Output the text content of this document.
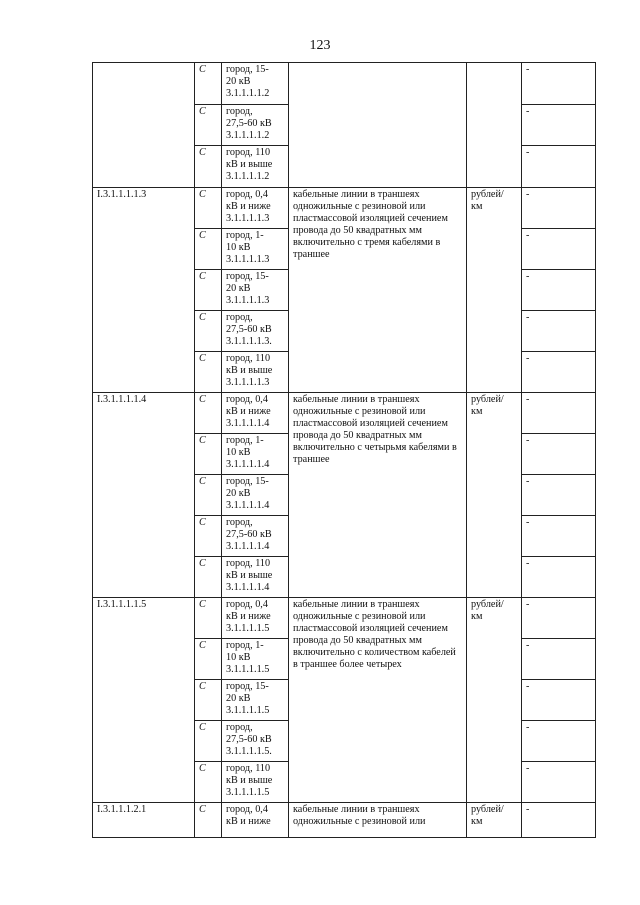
123
	С	город, 15-
20 кВ
3.1.1.1.1.2			-
	С	город,
27,5-60 кВ
3.1.1.1.1.2			-
	С	город, 110
кВ и выше
3.1.1.1.1.2			-
I.3.1.1.1.1.3	С	город, 0,4
кВ и ниже
3.1.1.1.1.3	кабельные линии в траншеях одножильные с резиновой или пластмассовой изоляцией сечением провода до 50 квадратных мм включительно с тремя кабелями в траншее	рублей/
км	-
	С	город, 1-
10 кВ
3.1.1.1.1.3			-
	С	город, 15-
20 кВ
3.1.1.1.1.3			-
	С	город,
27,5-60 кВ
3.1.1.1.1.3.			-
	С	город, 110
кВ и выше
3.1.1.1.1.3			-
I.3.1.1.1.1.4	С	город, 0,4
кВ и ниже
3.1.1.1.1.4	кабельные линии в траншеях одножильные с резиновой или пластмассовой изоляцией сечением провода до 50 квадратных мм включительно с четырьмя кабелями в траншее	рублей/
км	-
	С	город, 1-
10 кВ
3.1.1.1.1.4			-
	С	город, 15-
20 кВ
3.1.1.1.1.4			-
	С	город,
27,5-60 кВ
3.1.1.1.1.4			-
	С	город, 110
кВ и выше
3.1.1.1.1.4			-
I.3.1.1.1.1.5	С	город, 0,4
кВ и ниже
3.1.1.1.1.5	кабельные линии в траншеях одножильные с резиновой или пластмассовой изоляцией сечением провода до 50 квадратных мм включительно с количеством кабелей в траншее более четырех	рублей/
км	-
	С	город, 1-
10 кВ
3.1.1.1.1.5			-
	С	город, 15-
20 кВ
3.1.1.1.1.5			-
	С	город,
27,5-60 кВ
3.1.1.1.1.5.			-
	С	город, 110
кВ и выше
3.1.1.1.1.5			-
I.3.1.1.1.2.1	С	город, 0,4
кВ и ниже	кабельные линии в траншеях одножильные с резиновой или	рублей/
км	-
